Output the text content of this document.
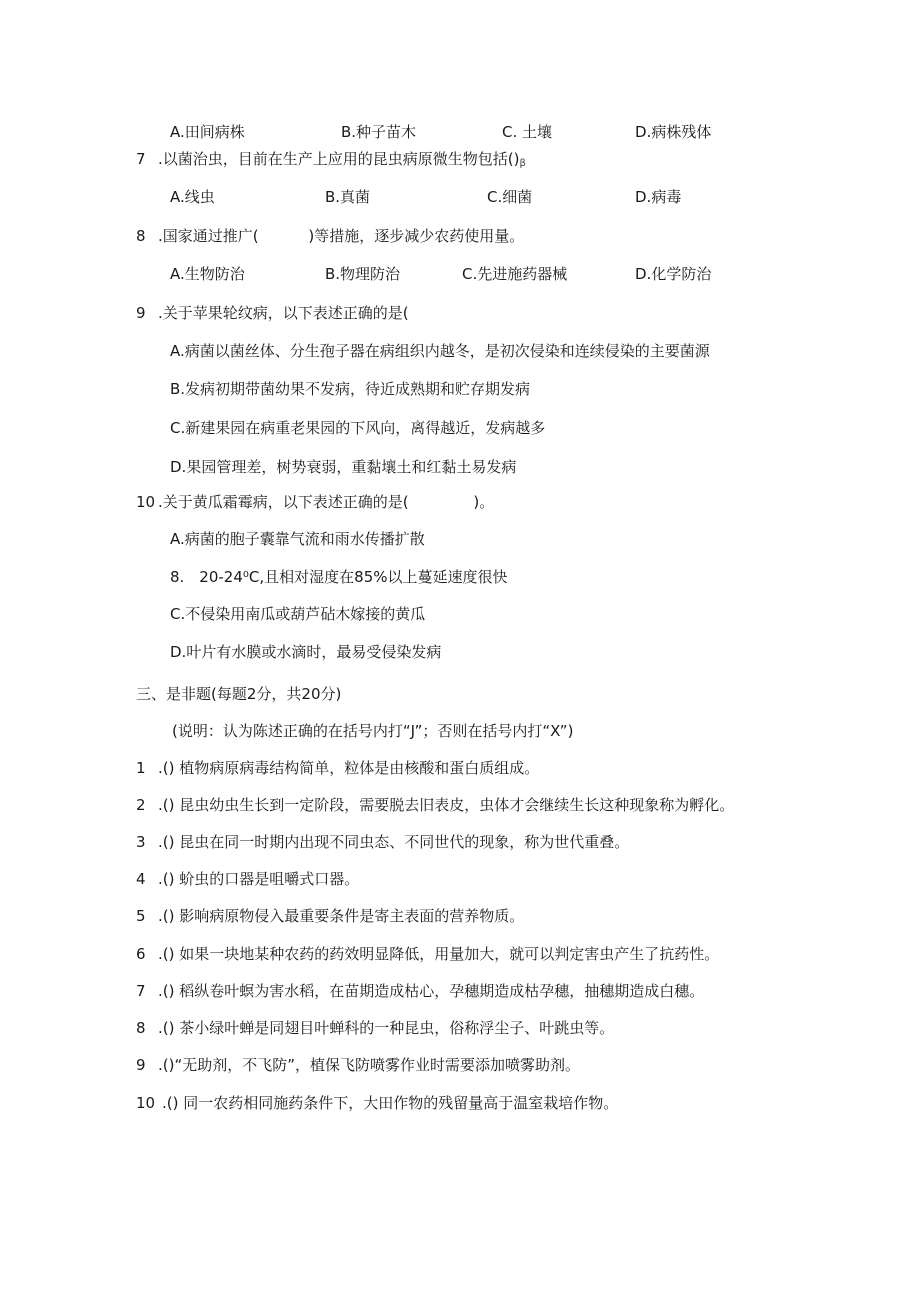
A.田间病株	B.种子苗木	C. 土壤	D.病株残体
7 .以菌治虫，目前在生产上应用的昆虫病原微生物包括$()_\beta$
A.线虫	B.真菌	C.细菌	D.病毒
8 .国家通过推广(　　　 )等措施，逐步减少农药使用量。
A.生物防治	B.物理防治	C.先进施药器械	D.化学防治
9 .关于苹果轮纹病，以下表述正确的是(
A.病菌以菌丝体、分生孢子器在病组织内越冬，是初次侵染和连续侵染的主要菌源
B.发病初期带菌幼果不发病，待近成熟期和贮存期发病
C.新建果园在病重老果园的下风向，离得越近，发病越多
D.果园管理差，树势衰弱，重黏壤土和红黏土易发病
10 .关于黄瓜霜霉病，以下表述正确的是(　　　　 )。
A.病菌的胞子囊靠气流和雨水传播扩散
8.　20-24⁰C,且相对湿度在85%以上蔓延速度很快
C.不侵染用南瓜或葫芦砧木嫁接的黄瓜
D.叶片有水膜或水滴时，最易受侵染发病
三、是非题(每题2分，共20分)
(说明：认为陈述正确的在括号内打“J”；否则在括号内打“X”)
1 .() 植物病原病毒结构简单，粒体是由核酸和蛋白质组成。
2 .() 昆虫幼虫生长到一定阶段，需要脱去旧表皮，虫体才会继续生长这种现象称为孵化。
3 .() 昆虫在同一时期内出现不同虫态、不同世代的现象，称为世代重叠。
4 .() 蚧虫的口器是咀嚼式口器。
5 .() 影响病原物侵入最重要条件是寄主表面的营养物质。
6 .() 如果一块地某种农药的药效明显降低，用量加大，就可以判定害虫产生了抗药性。
7 .() 稻纵卷叶螟为害水稻，在苗期造成枯心，孕穗期造成枯孕穗，抽穗期造成白穗。
8 .() 茶小绿叶蝉是同翅目叶蝉科的一种昆虫，俗称浮尘子、叶跳虫等。
9 .()“无助剂，不飞防”，植保飞防喷雾作业时需要添加喷雾助剂。
10 .() 同一农药相同施药条件下，大田作物的残留量高于温室栽培作物。
